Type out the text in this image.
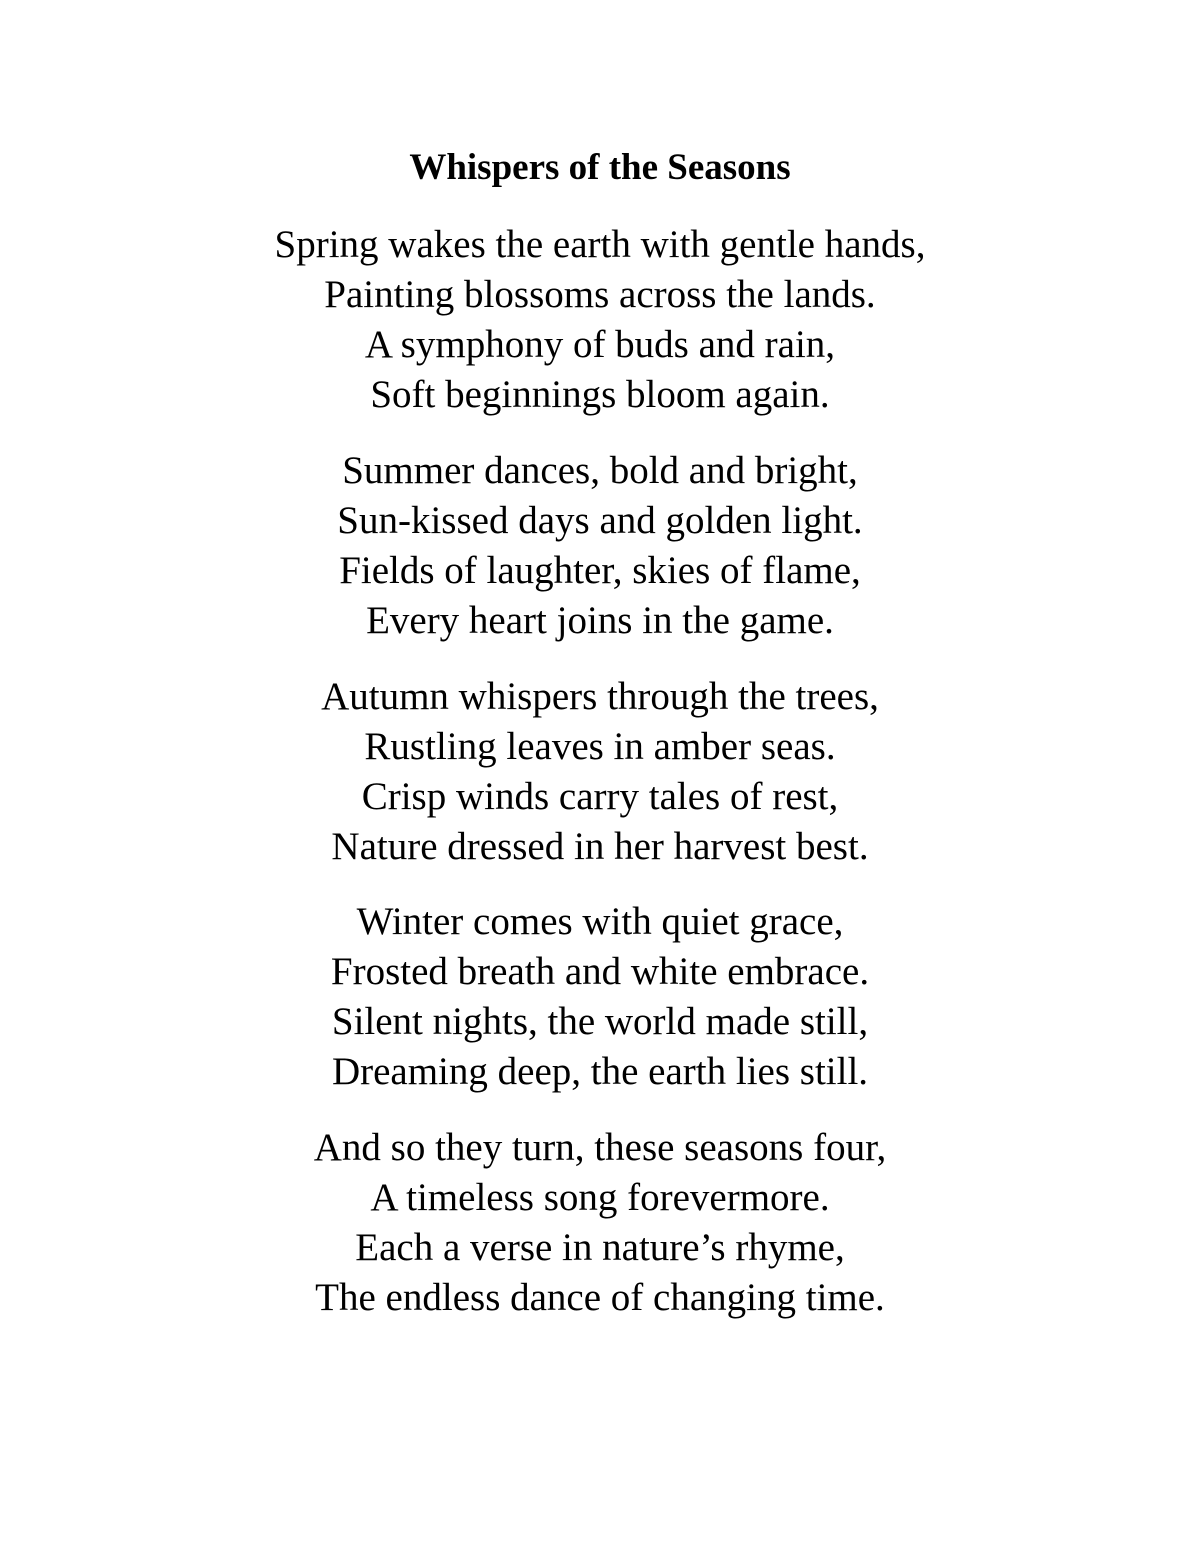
Whispers of the Seasons

Spring wakes the earth with gentle hands,
Painting blossoms across the lands.
A symphony of buds and rain,
Soft beginnings bloom again.

Summer dances, bold and bright,
Sun-kissed days and golden light.
Fields of laughter, skies of flame,
Every heart joins in the game.

Autumn whispers through the trees,
Rustling leaves in amber seas.
Crisp winds carry tales of rest,
Nature dressed in her harvest best.

Winter comes with quiet grace,
Frosted breath and white embrace.
Silent nights, the world made still,
Dreaming deep, the earth lies still.

And so they turn, these seasons four,
A timeless song forevermore.
Each a verse in nature’s rhyme,
The endless dance of changing time.
